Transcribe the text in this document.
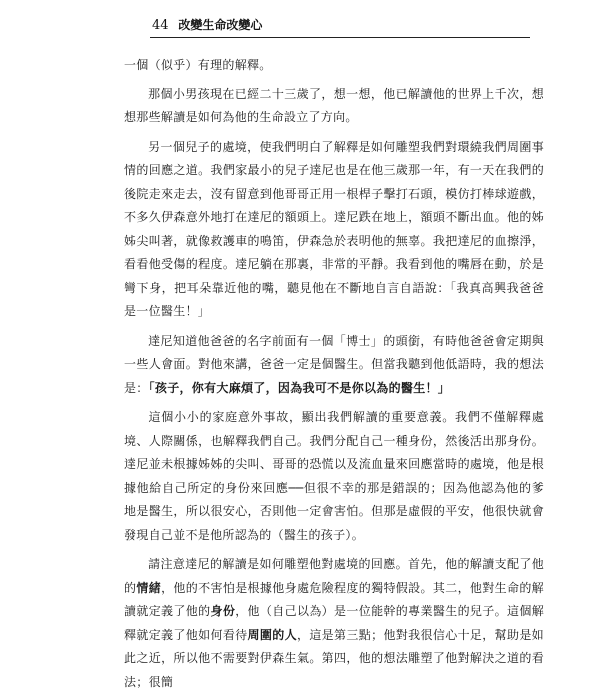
44 改變生命改變心

一個（似乎）有理的解釋。

那個小男孩現在已經二十三歲了，想一想，他已解讀他的世界上千次，想想那些解讀是如何為他的生命設立了方向。

另一個兒子的處境，使我們明白了解釋是如何雕塑我們對環繞我們周圍事情的回應之道。我們家最小的兒子達尼也是在他三歲那一年，有一天在我們的後院走來走去，沒有留意到他哥哥正用一根桿子擊打石頭，模仿打棒球遊戲，不多久伊森意外地打在達尼的額頭上。達尼跌在地上，額頭不斷出血。他的姊姊尖叫著，就像救護車的鳴笛，伊森急於表明他的無辜。我把達尼的血擦淨，看看他受傷的程度。達尼躺在那裏，非常的平靜。我看到他的嘴唇在動，於是彎下身，把耳朵靠近他的嘴，聽見他在不斷地自言自語說：「我真高興我爸爸是一位醫生！」

達尼知道他爸爸的名字前面有一個「博士」的頭銜，有時他爸爸會定期與一些人會面。對他來講，爸爸一定是個醫生。但當我聽到他低語時，我的想法是：「孩子，你有大麻煩了，因為我可不是你以為的醫生！」

這個小小的家庭意外事故，顯出我們解讀的重要意義。我們不僅解釋處境、人際關係，也解釋我們自己。我們分配自己一種身份，然後活出那身份。達尼並未根據姊姊的尖叫、哥哥的恐慌以及流血量來回應當時的處境，他是根據他給自己所定的身份來回應──但很不幸的那是錯誤的；因為他認為他的爹地是醫生，所以很安心，否則他一定會害怕。但那是虛假的平安，他很快就會發現自己並不是他所認為的（醫生的孩子）。

請注意達尼的解讀是如何雕塑他對處境的回應。首先，他的解讀支配了他的情緒，他的不害怕是根據他身處危險程度的獨特假設。其二，他對生命的解讀就定義了他的身份，他（自己以為）是一位能幹的專業醫生的兒子。這個解釋就定義了他如何看待周圍的人，這是第三點；他對我很信心十足，幫助是如此之近，所以他不需要對伊森生氣。第四，他的想法雕塑了他對解決之道的看法；很簡
